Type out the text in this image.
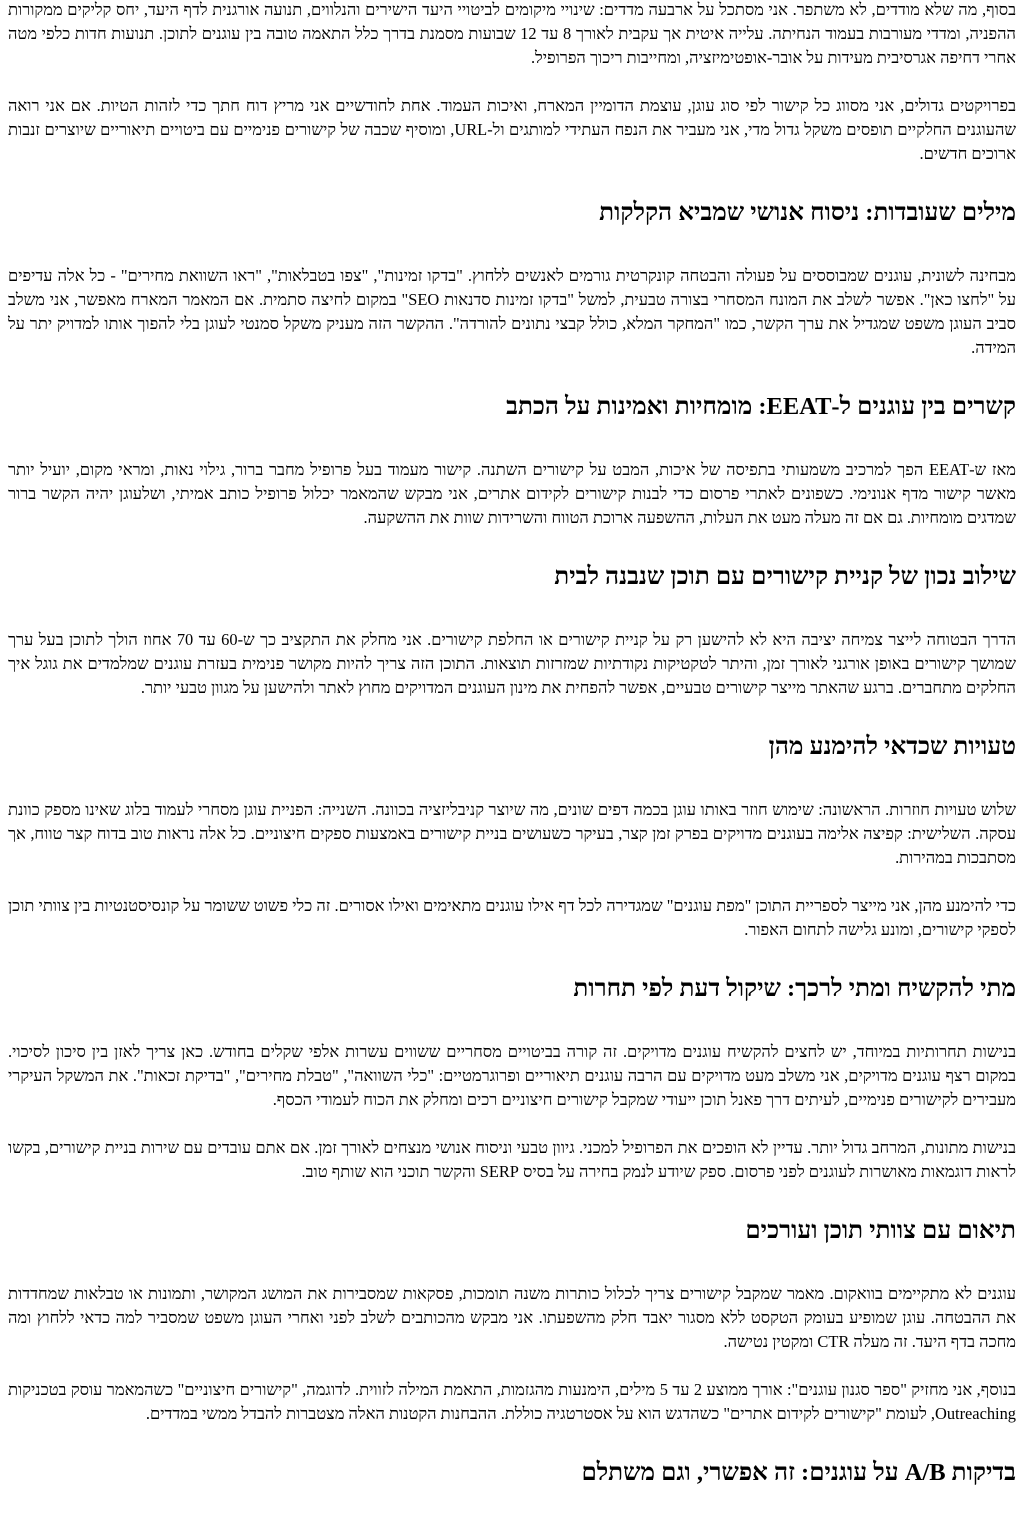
בסוף, מה שלא מודדים, לא משתפר. אני מסתכל על ארבעה מדדים: שינויי מיקומים לביטויי היעד הישירים והנלווים, תנועה אורגנית לדף היעד, יחס קליקים ממקורות ההפניה, ומדדי מעורבות בעמוד הנחיתה. עלייה איטית אך עקבית לאורך 8 עד 12 שבועות מסמנת בדרך כלל התאמה טובה בין עוגנים לתוכן. תנועות חדות כלפי מטה אחרי דחיפה אגרסיבית מעידות על אובר-אופטימיזציה, ומחייבות ריכוך הפרופיל.

בפרויקטים גדולים, אני מסווג כל קישור לפי סוג עוגן, עוצמת הדומיין המארח, ואיכות העמוד. אחת לחודשיים אני מריץ דוח חתך כדי לזהות הטיות. אם אני רואה שהעוגנים החלקיים תופסים משקל גדול מדי, אני מעביר את הנפח העתידי למותגים ול-URL, ומוסיף שכבה של קישורים פנימיים עם ביטויים תיאוריים שיוצרים זנבות ארוכים חדשים.

מילים שעובדות: ניסוח אנושי שמביא הקלקות

מבחינה לשונית, עוגנים שמבוססים על פעולה והבטחה קונקרטית גורמים לאנשים ללחוץ. "בדקו זמינות", "צפו בטבלאות", "ראו השוואת מחירים" - כל אלה עדיפים על "לחצו כאן". אפשר לשלב את המונח המסחרי בצורה טבעית, למשל "בדקו זמינות סדנאות SEO" במקום לחיצה סתמית. אם המאמר המארח מאפשר, אני משלב סביב העוגן משפט שמגדיל את ערך הקשר, כמו "המחקר המלא, כולל קבצי נתונים להורדה". ההקשר הזה מעניק משקל סמנטי לעוגן בלי להפוך אותו למדויק יתר על המידה.

קשרים בין עוגנים ל-EEAT: מומחיות ואמינות על הכתב

מאז ש-EEAT הפך למרכיב משמעותי בתפיסה של איכות, המבט על קישורים השתנה. קישור מעמוד בעל פרופיל מחבר ברור, גילוי נאות, ומראי מקום, יועיל יותר מאשר קישור מדף אנונימי. כשפונים לאתרי פרסום כדי לבנות קישורים לקידום אתרים, אני מבקש שהמאמר יכלול פרופיל כותב אמיתי, ושלעוגן יהיה הקשר ברור שמדגים מומחיות. גם אם זה מעלה מעט את העלות, ההשפעה ארוכת הטווח והשרידות שוות את ההשקעה.

שילוב נכון של קניית קישורים עם תוכן שנבנה לבית

הדרך הבטוחה לייצר צמיחה יציבה היא לא להישען רק על קניית קישורים או החלפת קישורים. אני מחלק את התקציב כך ש-60 עד 70 אחוז הולך לתוכן בעל ערך שמושך קישורים באופן אורגני לאורך זמן, והיתר לטקטיקות נקודתיות שמזרזות תוצאות. התוכן הזה צריך להיות מקושר פנימית בעזרת עוגנים שמלמדים את גוגל איך החלקים מתחברים. ברגע שהאתר מייצר קישורים טבעיים, אפשר להפחית את מינון העוגנים המדויקים מחוץ לאתר ולהישען על מגוון טבעי יותר.

טעויות שכדאי להימנע מהן

שלוש טעויות חוזרות. הראשונה: שימוש חוזר באותו עוגן בכמה דפים שונים, מה שיוצר קניבליזציה בכוונה. השנייה: הפניית עוגן מסחרי לעמוד בלוג שאינו מספק כוונת עסקה. השלישית: קפיצה אלימה בעוגנים מדויקים בפרק זמן קצר, בעיקר כשעושים בניית קישורים באמצעות ספקים חיצוניים. כל אלה נראות טוב בדוח קצר טווח, אך מסתבכות במהירות.

כדי להימנע מהן, אני מייצר לספריית התוכן "מפת עוגנים" שמגדירה לכל דף אילו עוגנים מתאימים ואילו אסורים. זה כלי פשוט ששומר על קונסיסטנטיות בין צוותי תוכן לספקי קישורים, ומונע גלישה לתחום האפור.

מתי להקשיח ומתי לרכך: שיקול דעת לפי תחרות

בנישות תחרותיות במיוחד, יש לחצים להקשיח עוגנים מדויקים. זה קורה בביטויים מסחריים ששווים עשרות אלפי שקלים בחודש. כאן צריך לאזן בין סיכון לסיכוי. במקום רצף עוגנים מדויקים, אני משלב מעט מדויקים עם הרבה עוגנים תיאוריים ופרוגרמטיים: "כלי השוואה", "טבלת מחירים", "בדיקת זכאות". את המשקל העיקרי מעבירים לקישורים פנימיים, לעיתים דרך פאנל תוכן ייעודי שמקבל קישורים חיצוניים רכים ומחלק את הכוח לעמודי הכסף.

בנישות מתונות, המרחב גדול יותר. עדיין לא הופכים את הפרופיל למכני. גיוון טבעי וניסוח אנושי מנצחים לאורך זמן. אם אתם עובדים עם שירות בניית קישורים, בקשו לראות דוגמאות מאושרות לעוגנים לפני פרסום. ספק שיודע לנמק בחירה על בסיס SERP והקשר תוכני הוא שותף טוב.

תיאום עם צוותי תוכן ועורכים

עוגנים לא מתקיימים בוואקום. מאמר שמקבל קישורים צריך לכלול כותרות משנה תומכות, פסקאות שמסבירות את המושג המקושר, ותמונות או טבלאות שמחדדות את ההבטחה. עוגן שמופיע בעומק הטקסט ללא מסגור יאבד חלק מהשפעתו. אני מבקש מהכותבים לשלב לפני ואחרי העוגן משפט שמסביר למה כדאי ללחוץ ומה מחכה בדף היעד. זה מעלה CTR ומקטין נטישה.

בנוסף, אני מחזיק "ספר סגנון עוגנים": אורך ממוצע 2 עד 5 מילים, הימנעות מהגזמות, התאמת המילה לזווית. לדוגמה, "קישורים חיצוניים" כשהמאמר עוסק בטכניקות Outreaching, לעומת "קישורים לקידום אתרים" כשהדגש הוא על אסטרטגיה כוללת. ההבחנות הקטנות האלה מצטברות להבדל ממשי במדדים.

בדיקות A/B על עוגנים: זה אפשרי, וגם משתלם
